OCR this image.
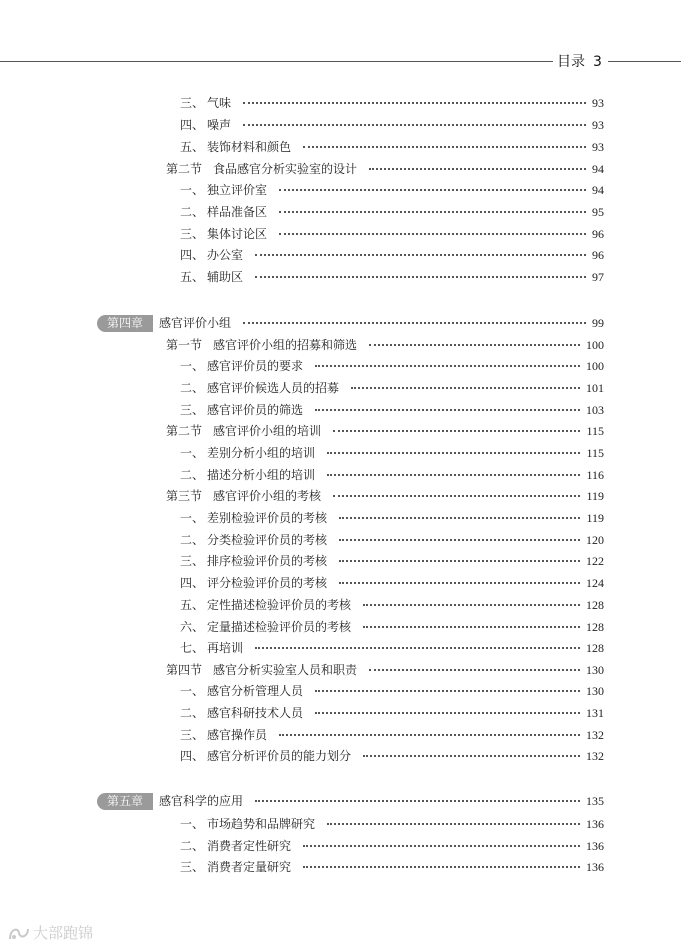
目录 3
三、 气味	93
四、 噪声	93
五、 装饰材料和颜色	93
第二节 食品感官分析实验室的设计	94
一、 独立评价室	94
二、 样品准备区	95
三、 集体讨论区	96
四、 办公室	96
五、 辅助区	97
第四章 感官评价小组	99
第一节 感官评价小组的招募和筛选	100
一、 感官评价员的要求	100
二、 感官评价候选人员的招募	101
三、 感官评价员的筛选	103
第二节 感官评价小组的培训	115
一、 差别分析小组的培训	115
二、 描述分析小组的培训	116
第三节 感官评价小组的考核	119
一、 差别检验评价员的考核	119
二、 分类检验评价员的考核	120
三、 排序检验评价员的考核	122
四、 评分检验评价员的考核	124
五、 定性描述检验评价员的考核	128
六、 定量描述检验评价员的考核	128
七、 再培训	128
第四节 感官分析实验室人员和职责	130
一、 感官分析管理人员	130
二、 感官科研技术人员	131
三、 感官操作员	132
四、 感官分析评价员的能力划分	132
第五章 感官科学的应用	135
一、 市场趋势和品牌研究	136
二、 消费者定性研究	136
三、 消费者定量研究	136
大部跑锦
